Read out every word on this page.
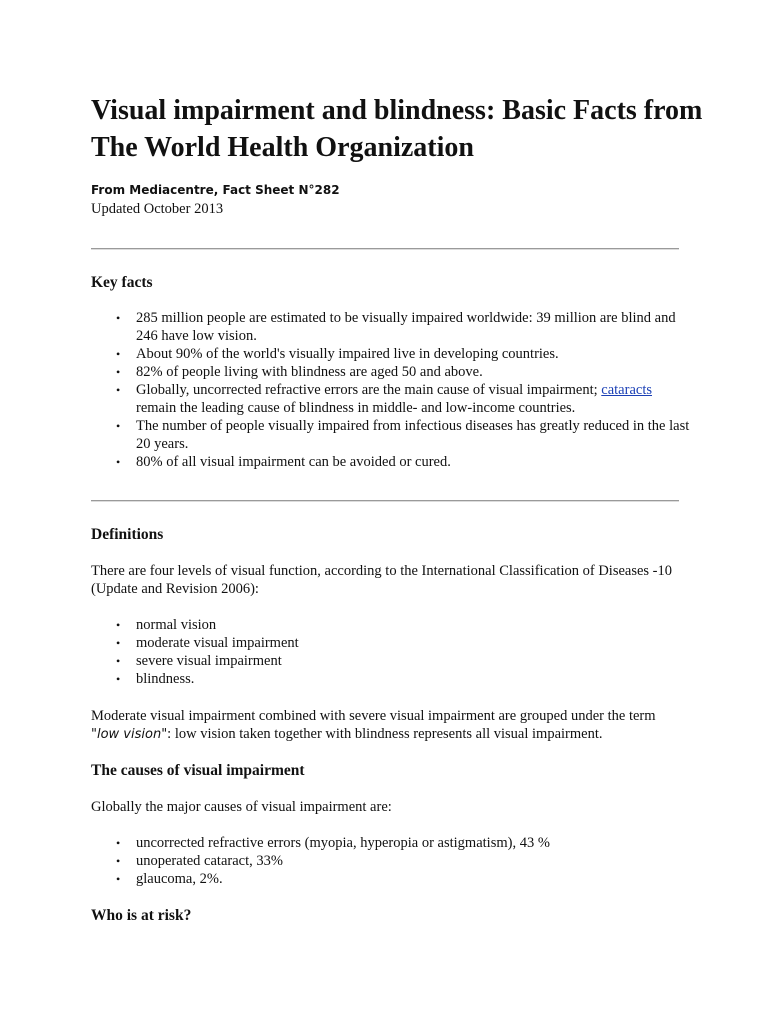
Visual impairment and blindness: Basic Facts from The World Health Organization
From Mediacentre, Fact Sheet N°282
Updated October 2013
Key facts
• 285 million people are estimated to be visually impaired worldwide: 39 million are blind and 246 have low vision.
• About 90% of the world's visually impaired live in developing countries.
• 82% of people living with blindness are aged 50 and above.
• Globally, uncorrected refractive errors are the main cause of visual impairment; cataracts remain the leading cause of blindness in middle- and low-income countries.
• The number of people visually impaired from infectious diseases has greatly reduced in the last 20 years.
• 80% of all visual impairment can be avoided or cured.
Definitions

There are four levels of visual function, according to the International Classification of Diseases -10 (Update and Revision 2006):

• normal vision
• moderate visual impairment
• severe visual impairment
• blindness.

Moderate visual impairment combined with severe visual impairment are grouped under the term "low vision": low vision taken together with blindness represents all visual impairment.

The causes of visual impairment

Globally the major causes of visual impairment are:

• uncorrected refractive errors (myopia, hyperopia or astigmatism), 43 %
• unoperated cataract, 33%
• glaucoma, 2%.
Who is at risk?
